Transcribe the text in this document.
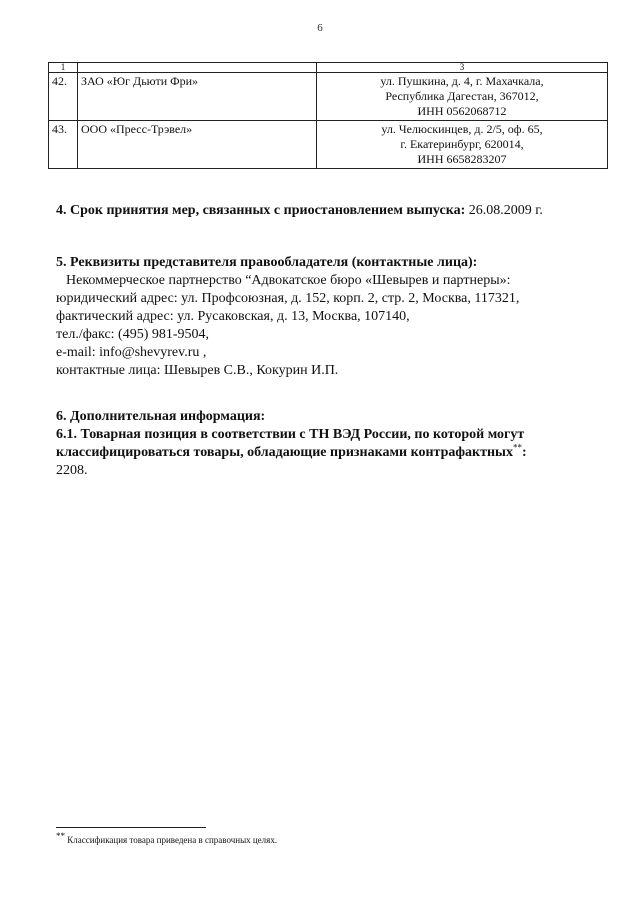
6
1		3
42.	ЗАО «Юг Дьюти Фри»	ул. Пушкина, д. 4, г. Махачкала,
Республика Дагестан, 367012,
ИНН 0562068712

43.	ООО «Пресс-Трэвел»	ул. Челюскинцев, д. 2/5, оф. 65,
г. Екатеринбург, 620014,
ИНН 6658283207
4. Срок принятия мер, связанных с приостановлением выпуска: 26.08.2009 г.
5. Реквизиты представителя правообладателя (контактные лица):
Некоммерческое партнерство “Адвокатское бюро «Шевырев и партнеры»:
юридический адрес: ул. Профсоюзная, д. 152, корп. 2, стр. 2, Москва, 117321,
фактический адрес: ул. Русаковская, д. 13, Москва, 107140,
тел./факс: (495) 981-9504,
e-mail: info@shevyrev.ru ,
контактные лица: Шевырев С.В., Кокурин И.П.
6. Дополнительная информация:
6.1. Товарная позиция в соответствии с ТН ВЭД России, по которой могут классифицироваться товары, обладающие признаками контрафактных**:
2208.
** Классификация товара приведена в справочных целях.
